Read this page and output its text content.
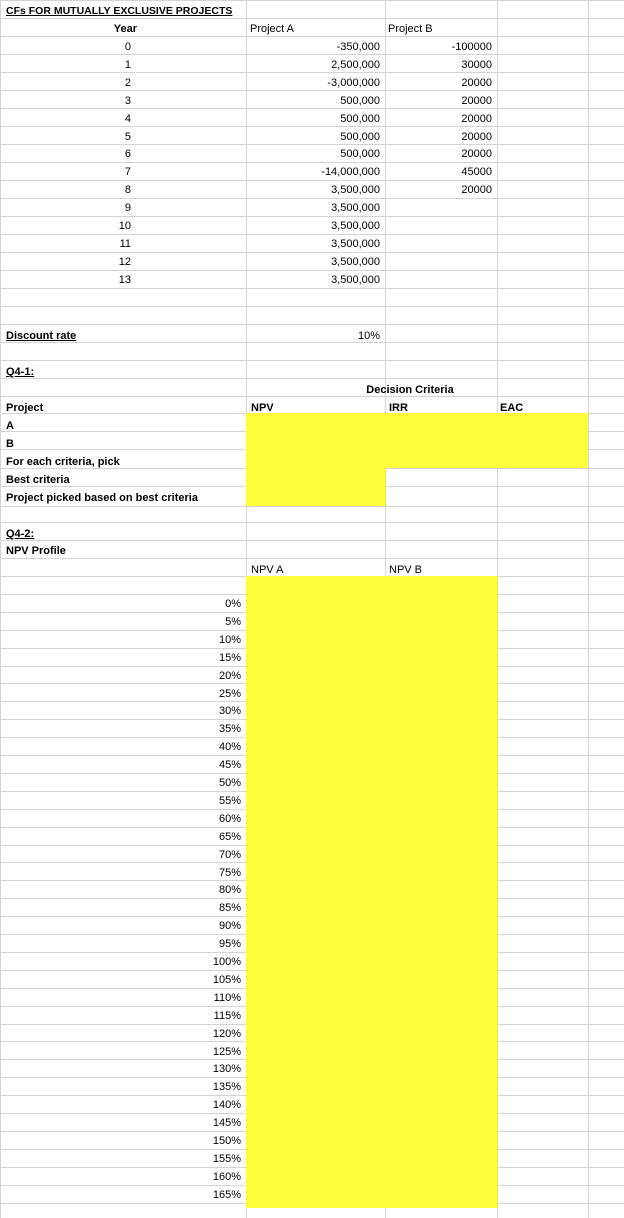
CFs FOR MUTUALLY EXCLUSIVE PROJECTS
Year	Project A	Project B
0	-350,000	-100000
1	2,500,000	30000
2	-3,000,000	20000
3	500,000	20000
4	500,000	20000
5	500,000	20000
6	500,000	20000
7	-14,000,000	45000
8	3,500,000	20000
9	3,500,000
10	3,500,000
11	3,500,000
12	3,500,000
13	3,500,000
Discount rate	10%
Q4-1:
Decision Criteria
Project	NPV	IRR	EAC
A
B
For each criteria, pick
Best criteria
Project picked based on best criteria
Q4-2:
NPV Profile
NPV A	NPV B
0%
5%
10%
15%
20%
25%
30%
35%
40%
45%
50%
55%
60%
65%
70%
75%
80%
85%
90%
95%
100%
105%
110%
115%
120%
125%
130%
135%
140%
145%
150%
155%
160%
165%
